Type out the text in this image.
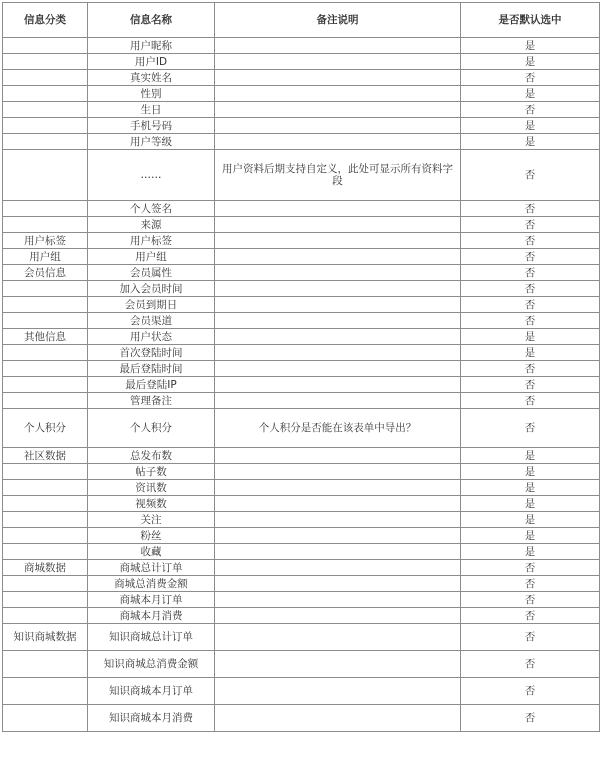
信息分类	信息名称	备注说明	是否默认选中
	用户昵称		是
	用户ID		是
	真实姓名		否
	性别		是
	生日		否
	手机号码		是
	用户等级		是
	……	用户资料后期支持自定义，此处可显示所有资料字段	否
	个人签名		否
	来源		否
用户标签	用户标签		否
用户组	用户组		否
会员信息	会员属性		否
	加入会员时间		否
	会员到期日		否
	会员渠道		否
其他信息	用户状态		是
	首次登陆时间		是
	最后登陆时间		否
	最后登陆IP		否
	管理备注		否
个人积分	个人积分	个人积分是否能在该表单中导出？	否
社区数据	总发布数		是
	帖子数		是
	资讯数		是
	视频数		是
	关注		是
	粉丝		是
	收藏		是
商城数据	商城总计订单		否
	商城总消费金额		否
	商城本月订单		否
	商城本月消费		否
知识商城数据	知识商城总计订单		否
	知识商城总消费金额		否
	知识商城本月订单		否
	知识商城本月消费		否
